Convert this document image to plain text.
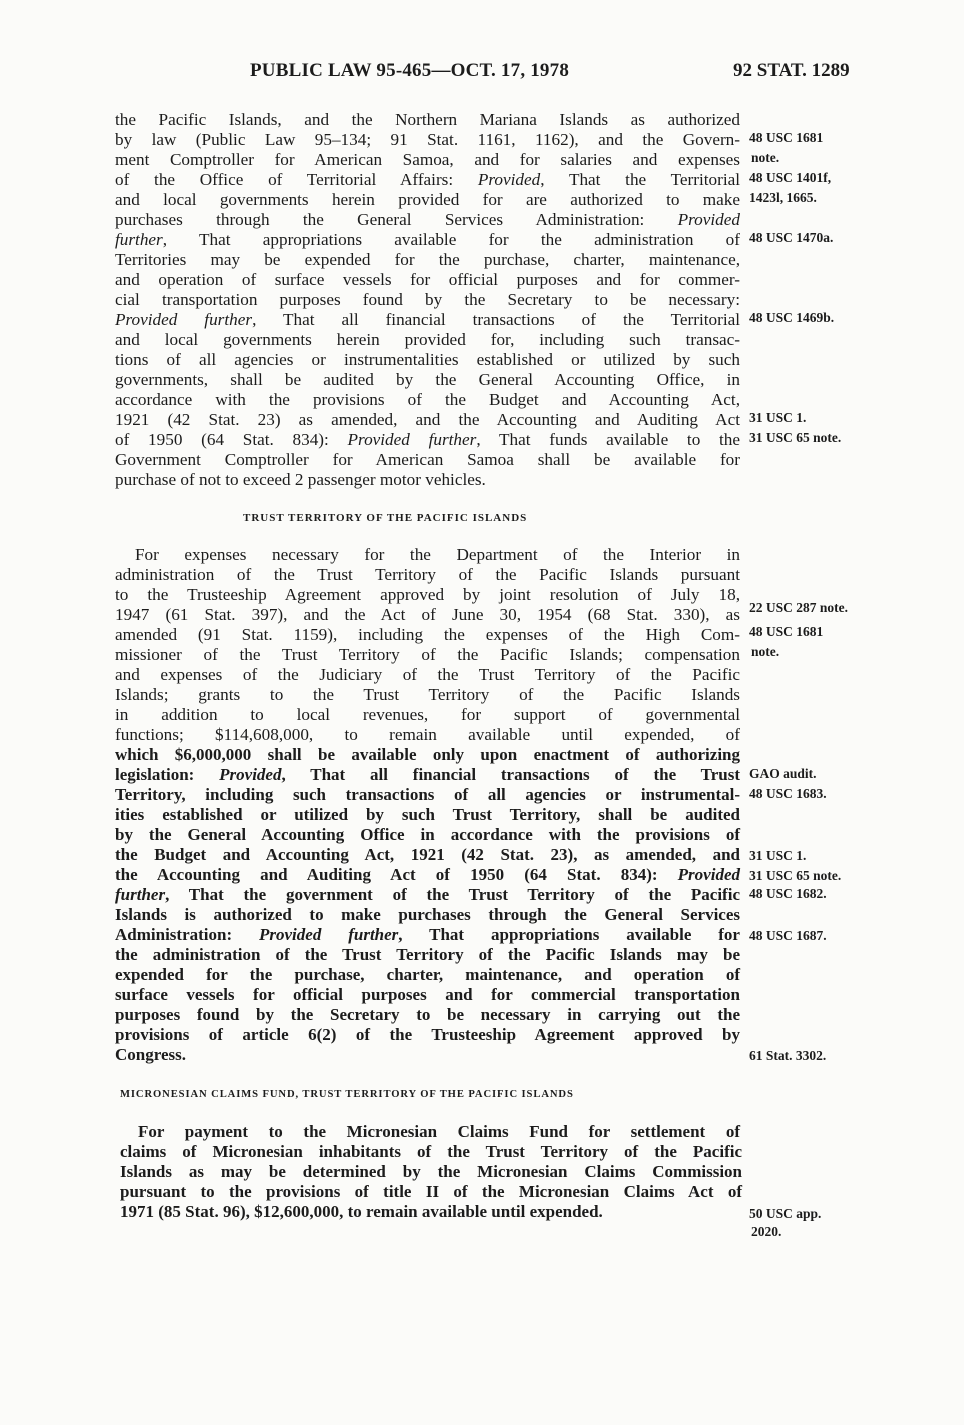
PUBLIC LAW 95-465—OCT. 17, 1978	92 STAT. 1289
the Pacific Islands, and the Northern Mariana Islands as authorized
by law (Public Law 95–134; 91 Stat. 1161, 1162), and the Govern-
ment Comptroller for American Samoa, and for salaries and expenses
of the Office of Territorial Affairs: Provided, That the Territorial
and local governments herein provided for are authorized to make
purchases through the General Services Administration: Provided
further, That appropriations available for the administration of
Territories may be expended for the purchase, charter, maintenance,
and operation of surface vessels for official purposes and for commer-
cial transportation purposes found by the Secretary to be necessary:
Provided further, That all financial transactions of the Territorial
and local governments herein provided for, including such transac-
tions of all agencies or instrumentalities established or utilized by such
governments, shall be audited by the General Accounting Office, in
accordance with the provisions of the Budget and Accounting Act,
1921 (42 Stat. 23) as amended, and the Accounting and Auditing Act
of 1950 (64 Stat. 834): Provided further, That funds available to the
Government Comptroller for American Samoa shall be available for
purchase of not to exceed 2 passenger motor vehicles.
TRUST TERRITORY OF THE PACIFIC ISLANDS
For expenses necessary for the Department of the Interior in
administration of the Trust Territory of the Pacific Islands pursuant
to the Trusteeship Agreement approved by joint resolution of July 18,
1947 (61 Stat. 397), and the Act of June 30, 1954 (68 Stat. 330), as
amended (91 Stat. 1159), including the expenses of the High Com-
missioner of the Trust Territory of the Pacific Islands; compensation
and expenses of the Judiciary of the Trust Territory of the Pacific
Islands; grants to the Trust Territory of the Pacific Islands
in addition to local revenues, for support of governmental
functions; $114,608,000, to remain available until expended, of
which $6,000,000 shall be available only upon enactment of authorizing
legislation: Provided, That all financial transactions of the Trust
Territory, including such transactions of all agencies or instrumental-
ities established or utilized by such Trust Territory, shall be audited
by the General Accounting Office in accordance with the provisions of
the Budget and Accounting Act, 1921 (42 Stat. 23), as amended, and
the Accounting and Auditing Act of 1950 (64 Stat. 834): Provided
further, That the government of the Trust Territory of the Pacific
Islands is authorized to make purchases through the General Services
Administration: Provided further, That appropriations available for
the administration of the Trust Territory of the Pacific Islands may be
expended for the purchase, charter, maintenance, and operation of
surface vessels for official purposes and for commercial transportation
purposes found by the Secretary to be necessary in carrying out the
provisions of article 6(2) of the Trusteeship Agreement approved by
Congress.
MICRONESIAN CLAIMS FUND, TRUST TERRITORY OF THE PACIFIC ISLANDS
For payment to the Micronesian Claims Fund for settlement of
claims of Micronesian inhabitants of the Trust Territory of the Pacific
Islands as may be determined by the Micronesian Claims Commission
pursuant to the provisions of title II of the Micronesian Claims Act of
1971 (85 Stat. 96), $12,600,000, to remain available until expended.
48 USC 1681
note.
48 USC 1401f,
1423l, 1665.
48 USC 1470a.
48 USC 1469b.
31 USC 1.
31 USC 65 note.
22 USC 287 note.
48 USC 1681
note.
GAO audit.
48 USC 1683.
31 USC 1.
31 USC 65 note.
48 USC 1682.
48 USC 1687.
61 Stat. 3302.
50 USC app.
2020.
